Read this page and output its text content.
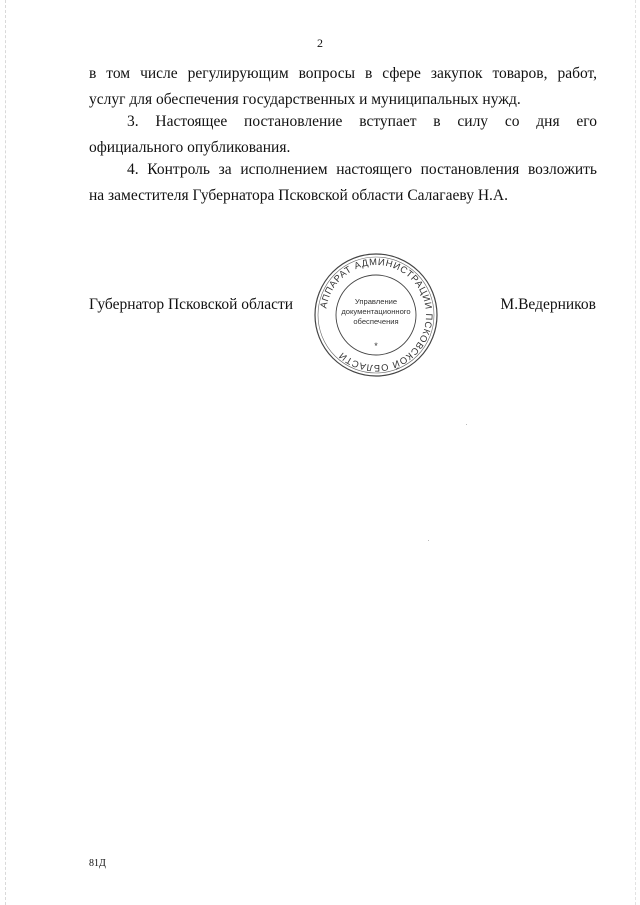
2
в том числе регулирующим вопросы в сфере закупок товаров, работ,
услуг для обеспечения государственных и муниципальных нужд.
3. Настоящее постановление вступает в силу со дня его
официального опубликования.
4. Контроль за исполнением настоящего постановления возложить
на заместителя Губернатора Псковской области Салагаеву Н.А.
Губернатор Псковской области	АППАРАТ АДМИНИСТРАЦИИ ПСКОВСКОЙ ОБЛАСТИ
Управление
документационного
обеспечения
*
М.Ведерников
81Д
